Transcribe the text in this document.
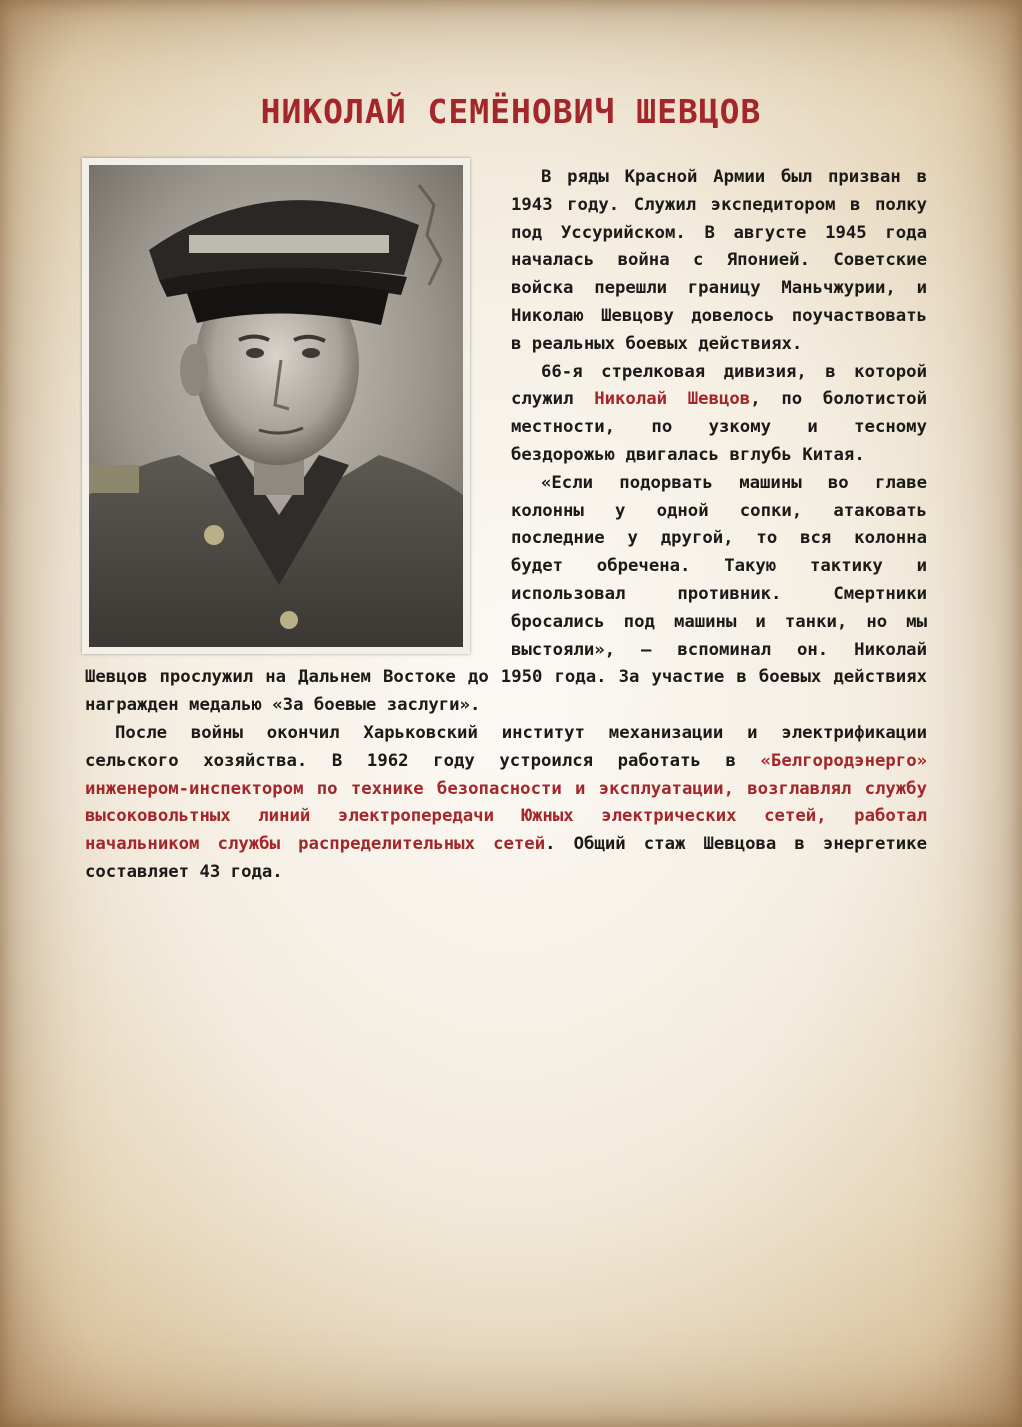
НИКОЛАЙ СЕМЁНОВИЧ ШЕВЦОВ

В ряды Красной Армии был призван в 1943 году. Служил экспедитором в полку под Уссурийском. В августе 1945 года началась война с Японией. Советские войска перешли границу Маньчжурии, и Николаю Шевцову довелось поучаствовать в реальных боевых действиях.

66-я стрелковая дивизия, в которой служил Николай Шевцов, по болотистой местности, по узкому и тесному бездорожью двигалась вглубь Китая.

«Если подорвать машины во главе колонны у одной сопки, атаковать последние у другой, то вся колонна будет обречена. Такую тактику и использовал противник. Смертники бросались под машины и танки, но мы выстояли», — вспоминал он. Николай Шевцов прослужил на Дальнем Востоке до 1950 года. За участие в боевых действиях награжден медалью «За боевые заслуги».

После войны окончил Харьковский институт механизации и электрификации сельского хозяйства. В 1962 году устроился работать в «Белгородэнерго» инженером-инспектором по технике безопасности и эксплуатации, возглавлял службу высоковольтных линий электропередачи Южных электрических сетей, работал начальником службы распределительных сетей. Общий стаж Шевцова в энергетике составляет 43 года.
